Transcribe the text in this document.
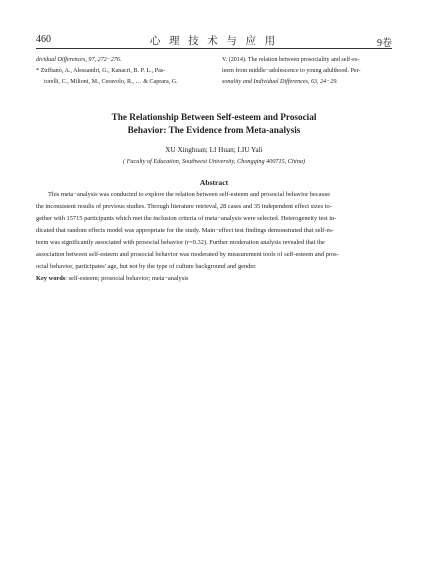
460	心 理 技 术 与 应 用	9卷
dividual Differences, 97, 272−276.
* Zuffianò, A., Alessandri, G., Kanacri, B. P. L., Pas-
torelli, C., Milioni, M., Ceravolo, R., … & Caprara, G.
V. (2014). The relation between prosociality and self-es-
teem from middle−adolescence to young adulthood. Per-
sonality and Individual Differences, 63, 24−29.
The Relationship Between Self-esteem and Prosocial
Behavior: The Evidence from Meta-analysis
XU Xinghuan; LI Huan; LIU Yali
( Faculty of Education, Southwest University, Chongqing 400715, China)
Abstract
This meta−analysis was conducted to explore the relation between self-esteem and prosocial behavior because
the inconsistent results of previous studies. Through literature retrieval, 28 cases and 35 independent effect sizes to-
gether with 15715 participants which met the inclusion criteria of meta−analysis were selected. Heterogeneity test in-
dicated that random effects model was appropriate for the study. Main−effect test findings demonstrated that self-es-
teem was significantly associated with prosocial behavior (r=0.32). Further moderation analysis revealed that the
association between self-esteem and prosocial behavior was moderated by measurement tools of self-esteem and pros-
ocial behavior, participates' age, but not by the type of culture background and gender.
Key words: self-esteem; prosocial behavior; meta−analysis
